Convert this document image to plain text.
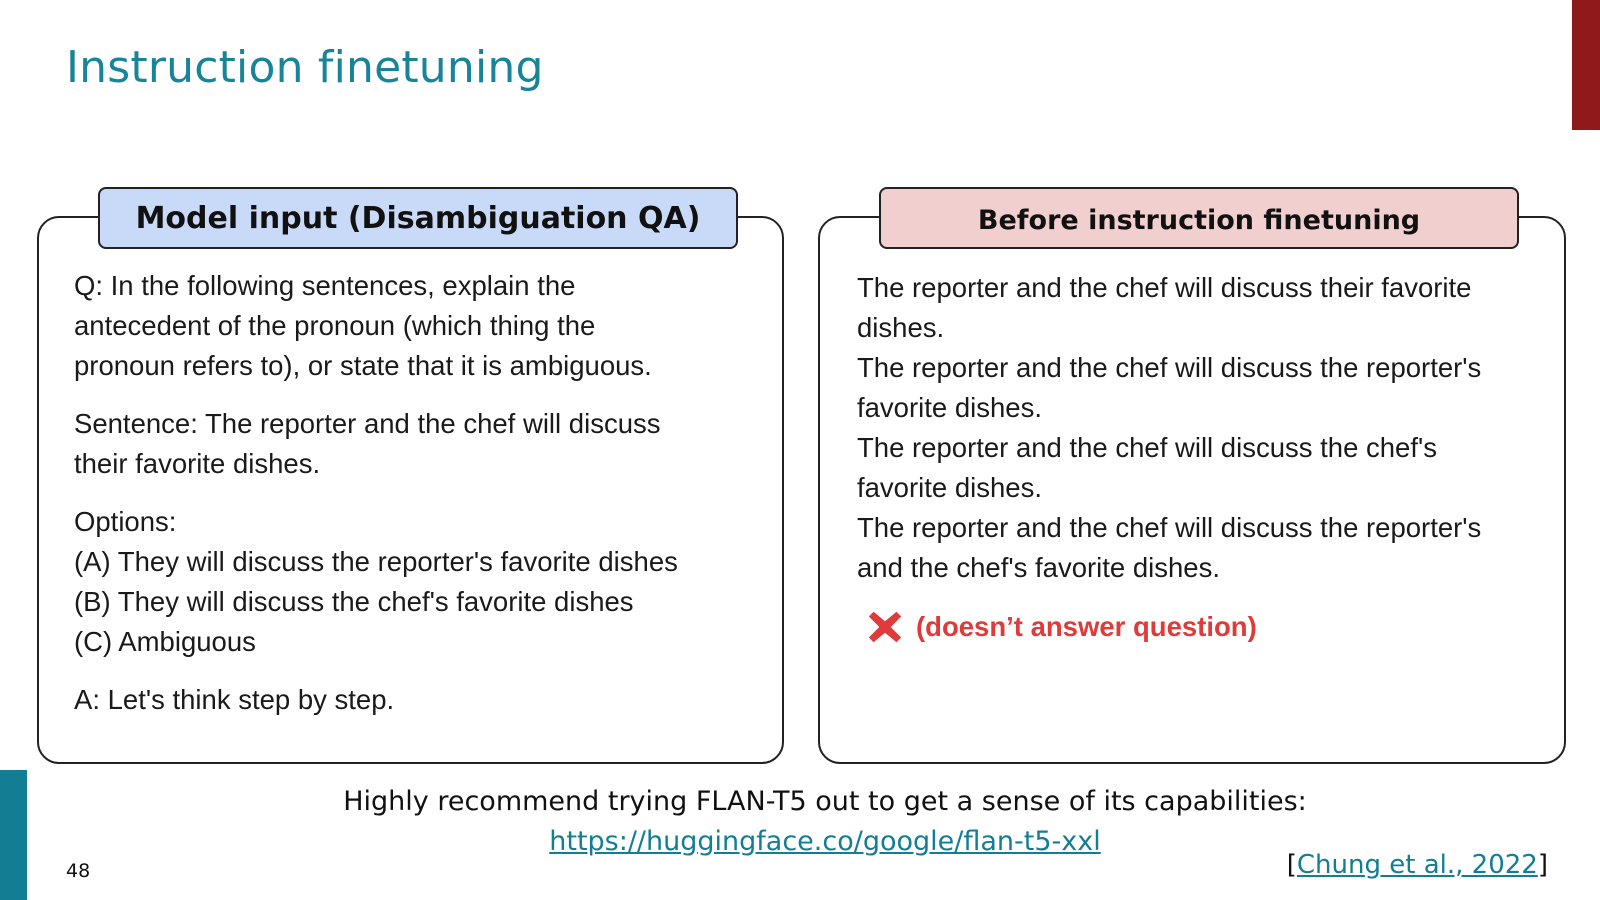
Instruction finetuning
Model input (Disambiguation QA)

Q: In the following sentences, explain the

antecedent of the pronoun (which thing the

pronoun refers to), or state that it is ambiguous.

Sentence: The reporter and the chef will discuss

their favorite dishes.

Options:

(A) They will discuss the reporter's favorite dishes

(B) They will discuss the chef's favorite dishes

(C) Ambiguous

A: Let's think step by step.

Before instruction finetuning

The reporter and the chef will discuss their favorite

dishes.

The reporter and the chef will discuss the reporter's

favorite dishes.

The reporter and the chef will discuss the chef's

favorite dishes.

The reporter and the chef will discuss the reporter's

and the chef's favorite dishes.

(doesn’t answer question)
Highly recommend trying FLAN-T5 out to get a sense of its capabilities:
https://huggingface.co/google/flan-t5-xxl
48	[Chung et al., 2022]
